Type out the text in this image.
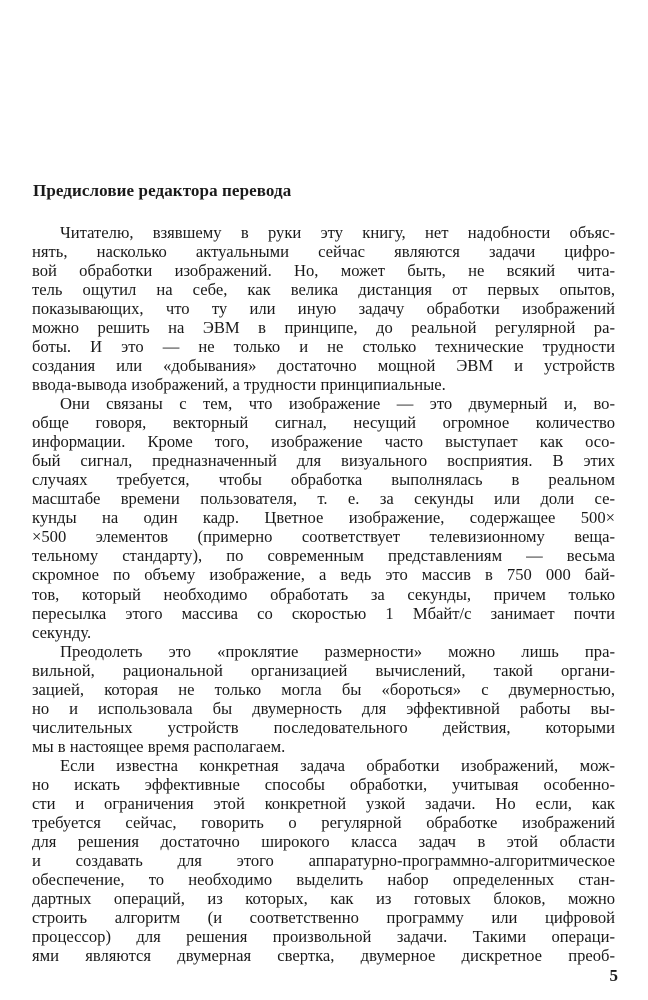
Предисловие редактора перевода
Читателю, взявшему в руки эту книгу, нет надобности объяс-
нять, насколько актуальными сейчас являются задачи цифро-
вой обработки изображений. Но, может быть, не всякий чита-
тель ощутил на себе, как велика дистанция от первых опытов,
показывающих, что ту или иную задачу обработки изображений
можно решить на ЭВМ в принципе, до реальной регулярной ра-
боты. И это — не только и не столько технические трудности
создания или «добывания» достаточно мощной ЭВМ и устройств
ввода-вывода изображений, а трудности принципиальные.
Они связаны с тем, что изображение — это двумерный и, во-
обще говоря, векторный сигнал, несущий огромное количество
информации. Кроме того, изображение часто выступает как осо-
бый сигнал, предназначенный для визуального восприятия. В этих
случаях требуется, чтобы обработка выполнялась в реальном
масштабе времени пользователя, т. е. за секунды или доли се-
кунды на один кадр. Цветное изображение, содержащее 500×
×500 элементов (примерно соответствует телевизионному веща-
тельному стандарту), по современным представлениям — весьма
скромное по объему изображение, а ведь это массив в 750 000 бай-
тов, который необходимо обработать за секунды, причем только
пересылка этого массива со скоростью 1 Мбайт/с занимает почти
секунду.
Преодолеть это «проклятие размерности» можно лишь пра-
вильной, рациональной организацией вычислений, такой органи-
зацией, которая не только могла бы «бороться» с двумерностью,
но и использовала бы двумерность для эффективной работы вы-
числительных устройств последовательного действия, которыми
мы в настоящее время располагаем.
Если известна конкретная задача обработки изображений, мож-
но искать эффективные способы обработки, учитывая особенно-
сти и ограничения этой конкретной узкой задачи. Но если, как
требуется сейчас, говорить о регулярной обработке изображений
для решения достаточно широкого класса задач в этой области
и создавать для этого аппаратурно-программно-алгоритмическое
обеспечение, то необходимо выделить набор определенных стан-
дартных операций, из которых, как из готовых блоков, можно
строить алгоритм (и соответственно программу или цифровой
процессор) для решения произвольной задачи. Такими операци-
ями являются двумерная свертка, двумерное дискретное преоб-
5
